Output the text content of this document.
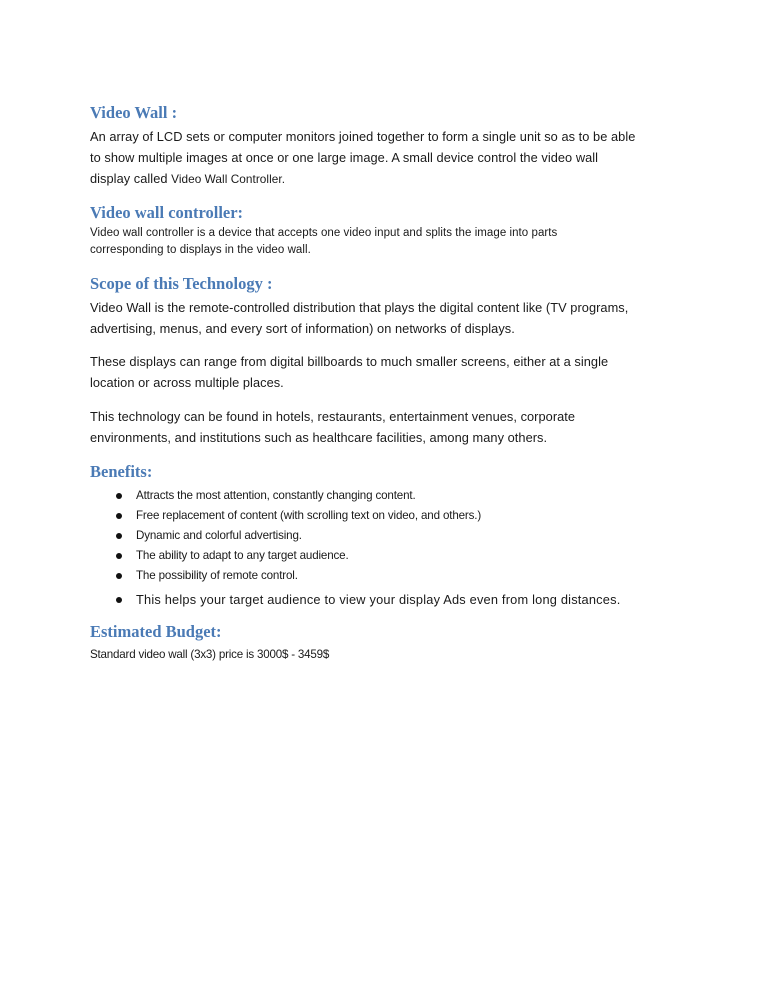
Video Wall :
An array of LCD sets or computer monitors joined together to form a single unit so as to be able
to show multiple images at once or one large image. A small device control the video wall
display called Video Wall Controller.
Video wall controller:
Video wall controller is a device that accepts one video input and splits the image into parts
corresponding to displays in the video wall.
Scope of this Technology :
Video Wall is the remote-controlled distribution that plays the digital content like (TV programs,
advertising, menus, and every sort of information) on networks of displays.
These displays can range from digital billboards to much smaller screens, either at a single
location or across multiple places.
This technology can be found in hotels, restaurants, entertainment venues, corporate
environments, and institutions such as healthcare facilities, among many others.
Benefits:
Attracts the most attention, constantly changing content.
Free replacement of content (with scrolling text on video, and others.)
Dynamic and colorful advertising.
The ability to adapt to any target audience.
The possibility of remote control.
This helps your target audience to view your display Ads even from long distances.
Estimated Budget:
Standard video wall (3x3) price is 3000$ - 3459$
